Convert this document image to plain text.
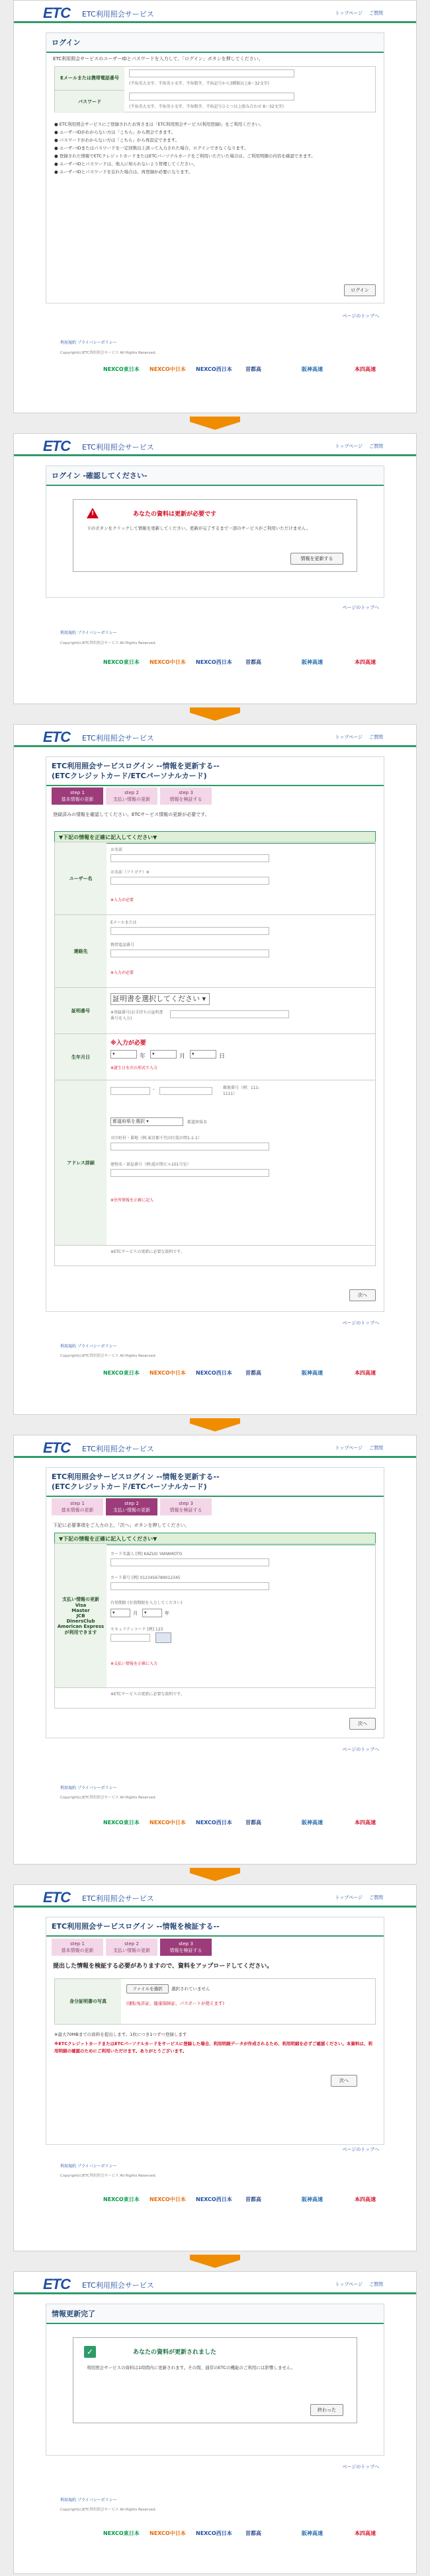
ETC ETC利用照会サービス	トップページ ご質問
ログイン
ETC利用照会サービスのユーザーIDとパスワードを入力して、「ログイン」ボタンを押してください。
Eメールまたは携帯電話番号
(半角英大文字、半角英小文字、半角数字、半角記号から3種類以上8〜32文字)
パスワード
(半角英大文字、半角英小文字、半角数字、半角記号ひとつ以上組み合わせ 8〜32文字)
● ETC利用照会サービスにご登録されたお客さまは「ETC利用照会サービス(利用登録)」をご利用ください。
● ユーザーIDがわからない方は「こちら」から照会できます。
● パスワードがわからない方は「こちら」から再設定できます。
● ユーザーIDまたはパスワードを一定回数以上誤って入力された場合、ログインできなくなります。
● 登録された情報でETCクレジットカードまたはETCパーソナルカードをご利用いただいた場合は、ご利用明細の内容を確認できます。
● ユーザーIDとパスワードは、他人に知られないよう管理してください。
● ユーザーIDとパスワードを忘れた場合は、再登録が必要になります。
ログイン
ページのトップへ
利用規約 プライバシーポリシー
Copyright(c)ETC利用照会サービス All Rights Reserved.
NEXCO東日本 NEXCO中日本 NEXCO西日本	首都高	阪神高速	本四高速
ETC ETC利用照会サービス	トップページ ご質問
ログイン -確認してください-
!	あなたの資料は更新が必要です
下のボタンをクリックして情報を更新してください。更新が完了するまで一部のサービスがご利用いただけません。
情報を更新する
ページのトップへ
利用規約 プライバシーポリシー
Copyright(c)ETC利用照会サービス All Rights Reserved.
NEXCO東日本 NEXCO中日本 NEXCO西日本	首都高	阪神高速	本四高速
ETC ETC利用照会サービス	トップページ ご質問
ETC利用照会サービスログイン --情報を更新する--
(ETCクレジットカード/ETCパーソナルカード)
step 1
基本情報の更新
step 2
支払い情報の更新
step 3
情報を検証する
登録済みの情報を確認してください。ETCサービス情報の更新が必要です。
▼下記の情報を正確に記入してください▼
ユーザー名
お名前
お名前（フリガナ）※
※入力が必要
連絡先
Eメールまたは
携帯電話番号
※入力が必要
証明番号
証明書を選択してください ▾
※登録番号(お手持ちの証明書番号を入力)
生年月日
※入力が必要
▾	年	▾	月	▾	日
※誕生日を次の形式で入力
アドレス詳細
-	郵便番号（例：111-1111）
都道府県を選択 ▾	都道府県名
市区町村・番地（例:東京都千代田区霞が関1-1-1）
建物名・部屋番号（例:霞が関ビル101号室）
※住所情報を正確に記入
※ETCサービスの更新に必要な資料です。
次へ
ページのトップへ
利用規約 プライバシーポリシー
Copyright(c)ETC利用照会サービス All Rights Reserved.
NEXCO東日本 NEXCO中日本 NEXCO西日本	首都高	阪神高速	本四高速
ETC ETC利用照会サービス	トップページ ご質問
ETC利用照会サービスログイン --情報を更新する--
(ETCクレジットカード/ETCパーソナルカード)
step 1
基本情報の更新
step 2
支払い情報の更新
step 3
情報を検証する
下記に必要事項をご入力の上、「次へ」ボタンを押してください。
▼下記の情報を正確に記入してください▼
支払い情報の更新
Visa
Master
JCB
DinersClub
American Express
が利用できます
カード名義人 [例] KAZUO YAMAMOTO
カード番号 [例] 0123456789012345
有効期限 (有効期限を入力してください)
▾	月	▾	年
セキュリティコード [例] 123
※支払い情報を正確に入力
※ETCサービスの更新に必要な資料です。
次へ
ページのトップへ
利用規約 プライバシーポリシー
Copyright(c)ETC利用照会サービス All Rights Reserved.
NEXCO東日本 NEXCO中日本 NEXCO西日本	首都高	阪神高速	本四高速
ETC ETC利用照会サービス	トップページ ご質問
ETC利用照会サービスログイン --情報を検証する--
step 1
基本情報の更新
step 2
支払い情報の更新
step 3
情報を検証する
提出した情報を検証する必要がありますので、資料をアップロードしてください。
身分証明書の写真
ファイルを選択	選択されていません
(運転免許証、健康保険証、パスポートが使えます)
※最大70MBまでの資料を提出します。1枚につき1つずつ登録します
※ETCクレジットカードまたはETCパーソナルカードをサービスに登録した場合、利用明細データが作成されるため、利用明細を必ずご確認ください。本資料は、利用明細の確認のためにご利用いただけます。ありがとうございます。
次へ
ページのトップへ
利用規約 プライバシーポリシー
Copyright(c)ETC利用照会サービス All Rights Reserved.
NEXCO東日本 NEXCO中日本 NEXCO西日本	首都高	阪神高速	本四高速
ETC ETC利用照会サービス	トップページ ご質問
情報更新完了
✓	あなたの資料が更新されました
利用照会サービスの資料は1時間内に更新されます。その間、通常のETCの機能のご利用には影響しません。
終わった
ページのトップへ
利用規約 プライバシーポリシー
Copyright(c)ETC利用照会サービス All Rights Reserved.
NEXCO東日本 NEXCO中日本 NEXCO西日本	首都高	阪神高速	本四高速
